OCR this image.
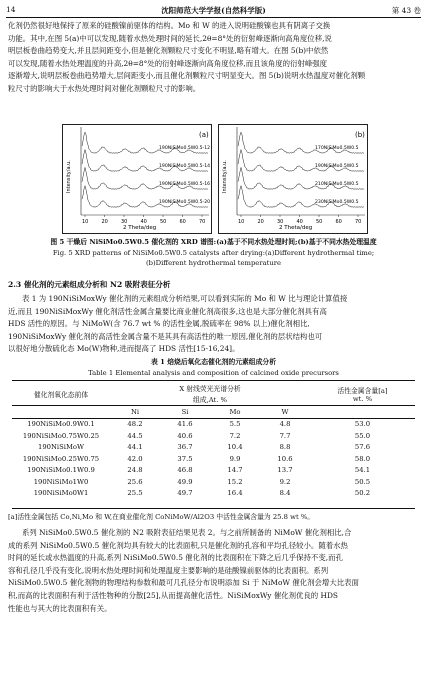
14	沈阳师范大学学报(自然科学版)	第 43 卷
化剂仍然很好地保持了原来的硅酸镍前驱体的结构。Mo 和 W 的进入说明硅酸镍也具有阴离子交换
功能。其中,在图 5(a)中可以发现,随着水热处理时间的延长,2θ=8°处的衍射峰逐渐向高角度位移,说
明层板卷曲趋势变大,并且层间距变小,但是催化剂颗粒尺寸变化不明显,略有增大。在图 5(b)中依然
可以发现,随着水热处理温度的升高,2θ=8°处的衍射峰逐渐向高角度位移,而且该角度的衍射峰强度
逐渐增大,说明层板卷曲趋势增大,层间距变小,而且催化剂颗粒尺寸明显变大。图 5(b)说明水热温度对催化剂颗
粒尺寸的影响大于水热处理时间对催化剂颗粒尺寸的影响。
10	20	30	40	50	60	70
(a)
2 Theta/deg
Intensity/a.u.
190NiSiMo0.5W0.5-12
190NiSiMo0.5W0.5-14
190NiSiMo0.5W0.5-16
190NiSiMo0.5W0.5-20
10	20	30	40	50	60	70
(b)
2 Theta/deg
Intensity/a.u.
170NiSiMo0.5W0.5
190NiSiMo0.5W0.5
210NiSiMo0.5W0.5
230NiSiMo0.5W0.5
图 5 干燥后 NiSiMo0.5W0.5 催化剂的 XRD 谱图:(a)基于不同水热处理时间;(b)基于不同水热处理温度
Fig. 5 XRD patterns of NiSiMo0.5W0.5 catalysts after drying:(a)Different hydrothermal time;
(b)Different hydrothermal temperature
2.3 催化剂的元素组成分析和 N2 吸附表征分析
表 1 为 190NiSiMoxWy 催化剂的元素组成分析结果,可以看到实际的 Mo 和 W 比与理论计算值接
近,而且 190NiSiMoxWy 催化剂活性金属含量要比商业催化剂高很多,这也是大部分催化剂具有高
HDS 活性的原因。与 NiMoW(含 76.7 wt % 的活性金属,脱硫率在 98% 以上)催化剂相比,
190NiSiMoxWy 催化剂的高活性金属含量不是其具有高活性的唯一原因,催化剂的层状结构也可
以很好地分散硫化态 Mo(W)物种,进而提高了 HDS 活性[15-16,24]。
表 1 焙烧后氧化态催化剂的元素组成分析
Table 1 Elemental analysis and composition of calcined oxide precursors
催化剂氧化态前体	X 射线荧光光谱分析				活性金属含量[a]
wt. %

	组成,At. %				
	Ni	Si	Mo	W	
190NiSiMo0.9W0.1	48.2	41.6	5.5	4.8	53.0
190NiSiMo0.75W0.25	44.5	40.6	7.2	7.7	55.0
190NiSiMoW	44.1	36.7	10.4	8.8	57.6
190NiSiMo0.25W0.75	42.0	37.5	9.9	10.6	58.0
190NiSiMo0.1W0.9	24.8	46.8	14.7	13.7	54.1
190NiSiMo1W0	25.6	49.9	15.2	9.2	50.5
190NiSiMo0W1	25.5	49.7	16.4	8.4	50.2
[a]活性金属包括 Co,Ni,Mo 和 W,在商业催化剂 CoNiMoW/Al2O3 中活性金属含量为 25.8 wt %。
系列 NiSiMo0.5W0.5 催化剂的 N2 吸附表征结果见表 2。与之前所制备的 NiMoW 催化剂相比,合
成的系列 NiSiMo0.5W0.5 催化剂均具有较大的比表面积,只是催化剂的孔容和平均孔径较小。随着水热
时间的延长或水热温度的升高,系列 NiSiMo0.5W0.5 催化剂的比表面积在下降之后几乎保持不变,而孔
容和孔径几乎没有变化,说明水热处理时间和处理温度主要影响的是硅酸镍前驱体的比表面积。系列
NiSiMo0.5W0.5 催化剂物的物理结构参数和最可几孔径分布说明添加 Si 于 NiMoW 催化剂会增大比表面
积,而高的比表面积有利于活性物种的分散[25],从而提高催化活性。NiSiMoxWy 催化剂优良的 HDS
性能也与其大的比表面积有关。
